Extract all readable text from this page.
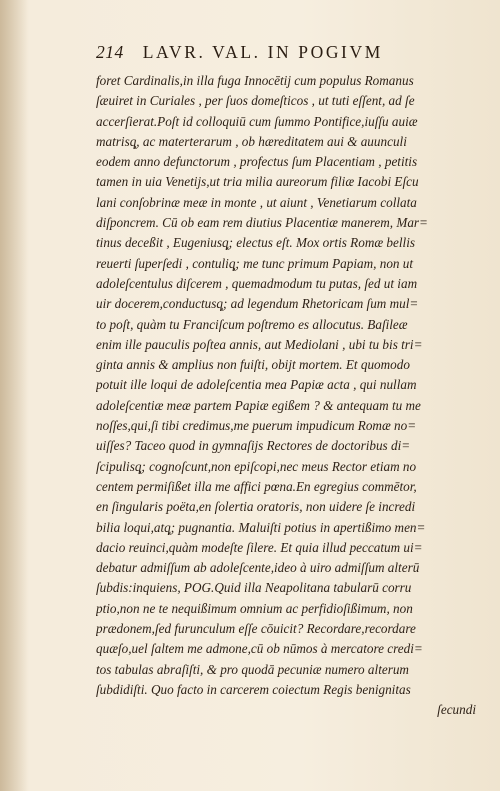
214 LAVR. VAL. IN POGIVM
foret Cardinalis,in illa fuga Innocētij cum populus Romanus
ſæuiret in Curiales , per ſuos domeſticos , ut tuti eſſent, ad ſe
accerſierat.Poſt id colloquiū cum ſummo Pontifice,iuſſu auiæ
matrisq̨, ac materterarum , ob hæreditatem aui & auunculi
eodem anno defunctorum , profectus ſum Placentiam , petitis
tamen in uia Venetijs,ut tria milia aureorum filiæ Iacobi Eſcu
lani conſobrinæ meæ in monte , ut aiunt , Venetiarum collata
diſponcrem. Cū ob eam rem diutius Placentiæ manerem, Mar=
tinus deceßit , Eugeniusq̨; electus eſt. Mox ortis Romæ bellis
reuerti ſuperſedi , contuliq̨; me tunc primum Papiam, non ut
adoleſcentulus diſcerem , quemadmodum tu putas, ſed ut iam
uir docerem,conductusq̨; ad legendum Rhetoricam ſum mul=
to poſt, quàm tu Franciſcum poſtremo es allocutus. Baſileæ
enim ille pauculis poſtea annis, aut Mediolani , ubi tu bis tri=
ginta annis & amplius non fuiſti, obijt mortem. Et quomodo
potuit ille loqui de adoleſcentia mea Papiæ acta , qui nullam
adoleſcentiæ meæ partem Papiæ egißem ? & antequam tu me
noſſes,qui,ſi tibi credimus,me puerum impudicum Romæ no=
uiſſes? Taceo quod in gymnaſijs Rectores de doctoribus di=
ſcipulisq̨; cognoſcunt,non epiſcopi,nec meus Rector etiam no
centem permiſißet illa me affici pœna.En egregius commētor,
en ſingularis poëta,en ſolertia oratoris, non uidere ſe incredi
bilia loqui,atq̨; pugnantia. Maluiſti potius in apertißimo men=
dacio reuinci,quàm modeſte ſilere. Et quia illud peccatum ui=
debatur admiſſum ab adoleſcente,ideo à uiro admiſſum alterū
ſubdis:inquiens, POG.Quid illa Neapolitana tabularū corru
ptio,non ne te nequißimum omnium ac perfidioſißimum, non
prædonem,ſed furunculum eſſe cōuicit? Recordare,recordare
quæſo,uel ſaltem me admone,cū ob nūmos à mercatore credi=
tos tabulas abraſiſti, & pro quodā pecuniæ numero alterum
ſubdidiſti. Quo facto in carcerem coiectum Regis benignitas
ſecundi
